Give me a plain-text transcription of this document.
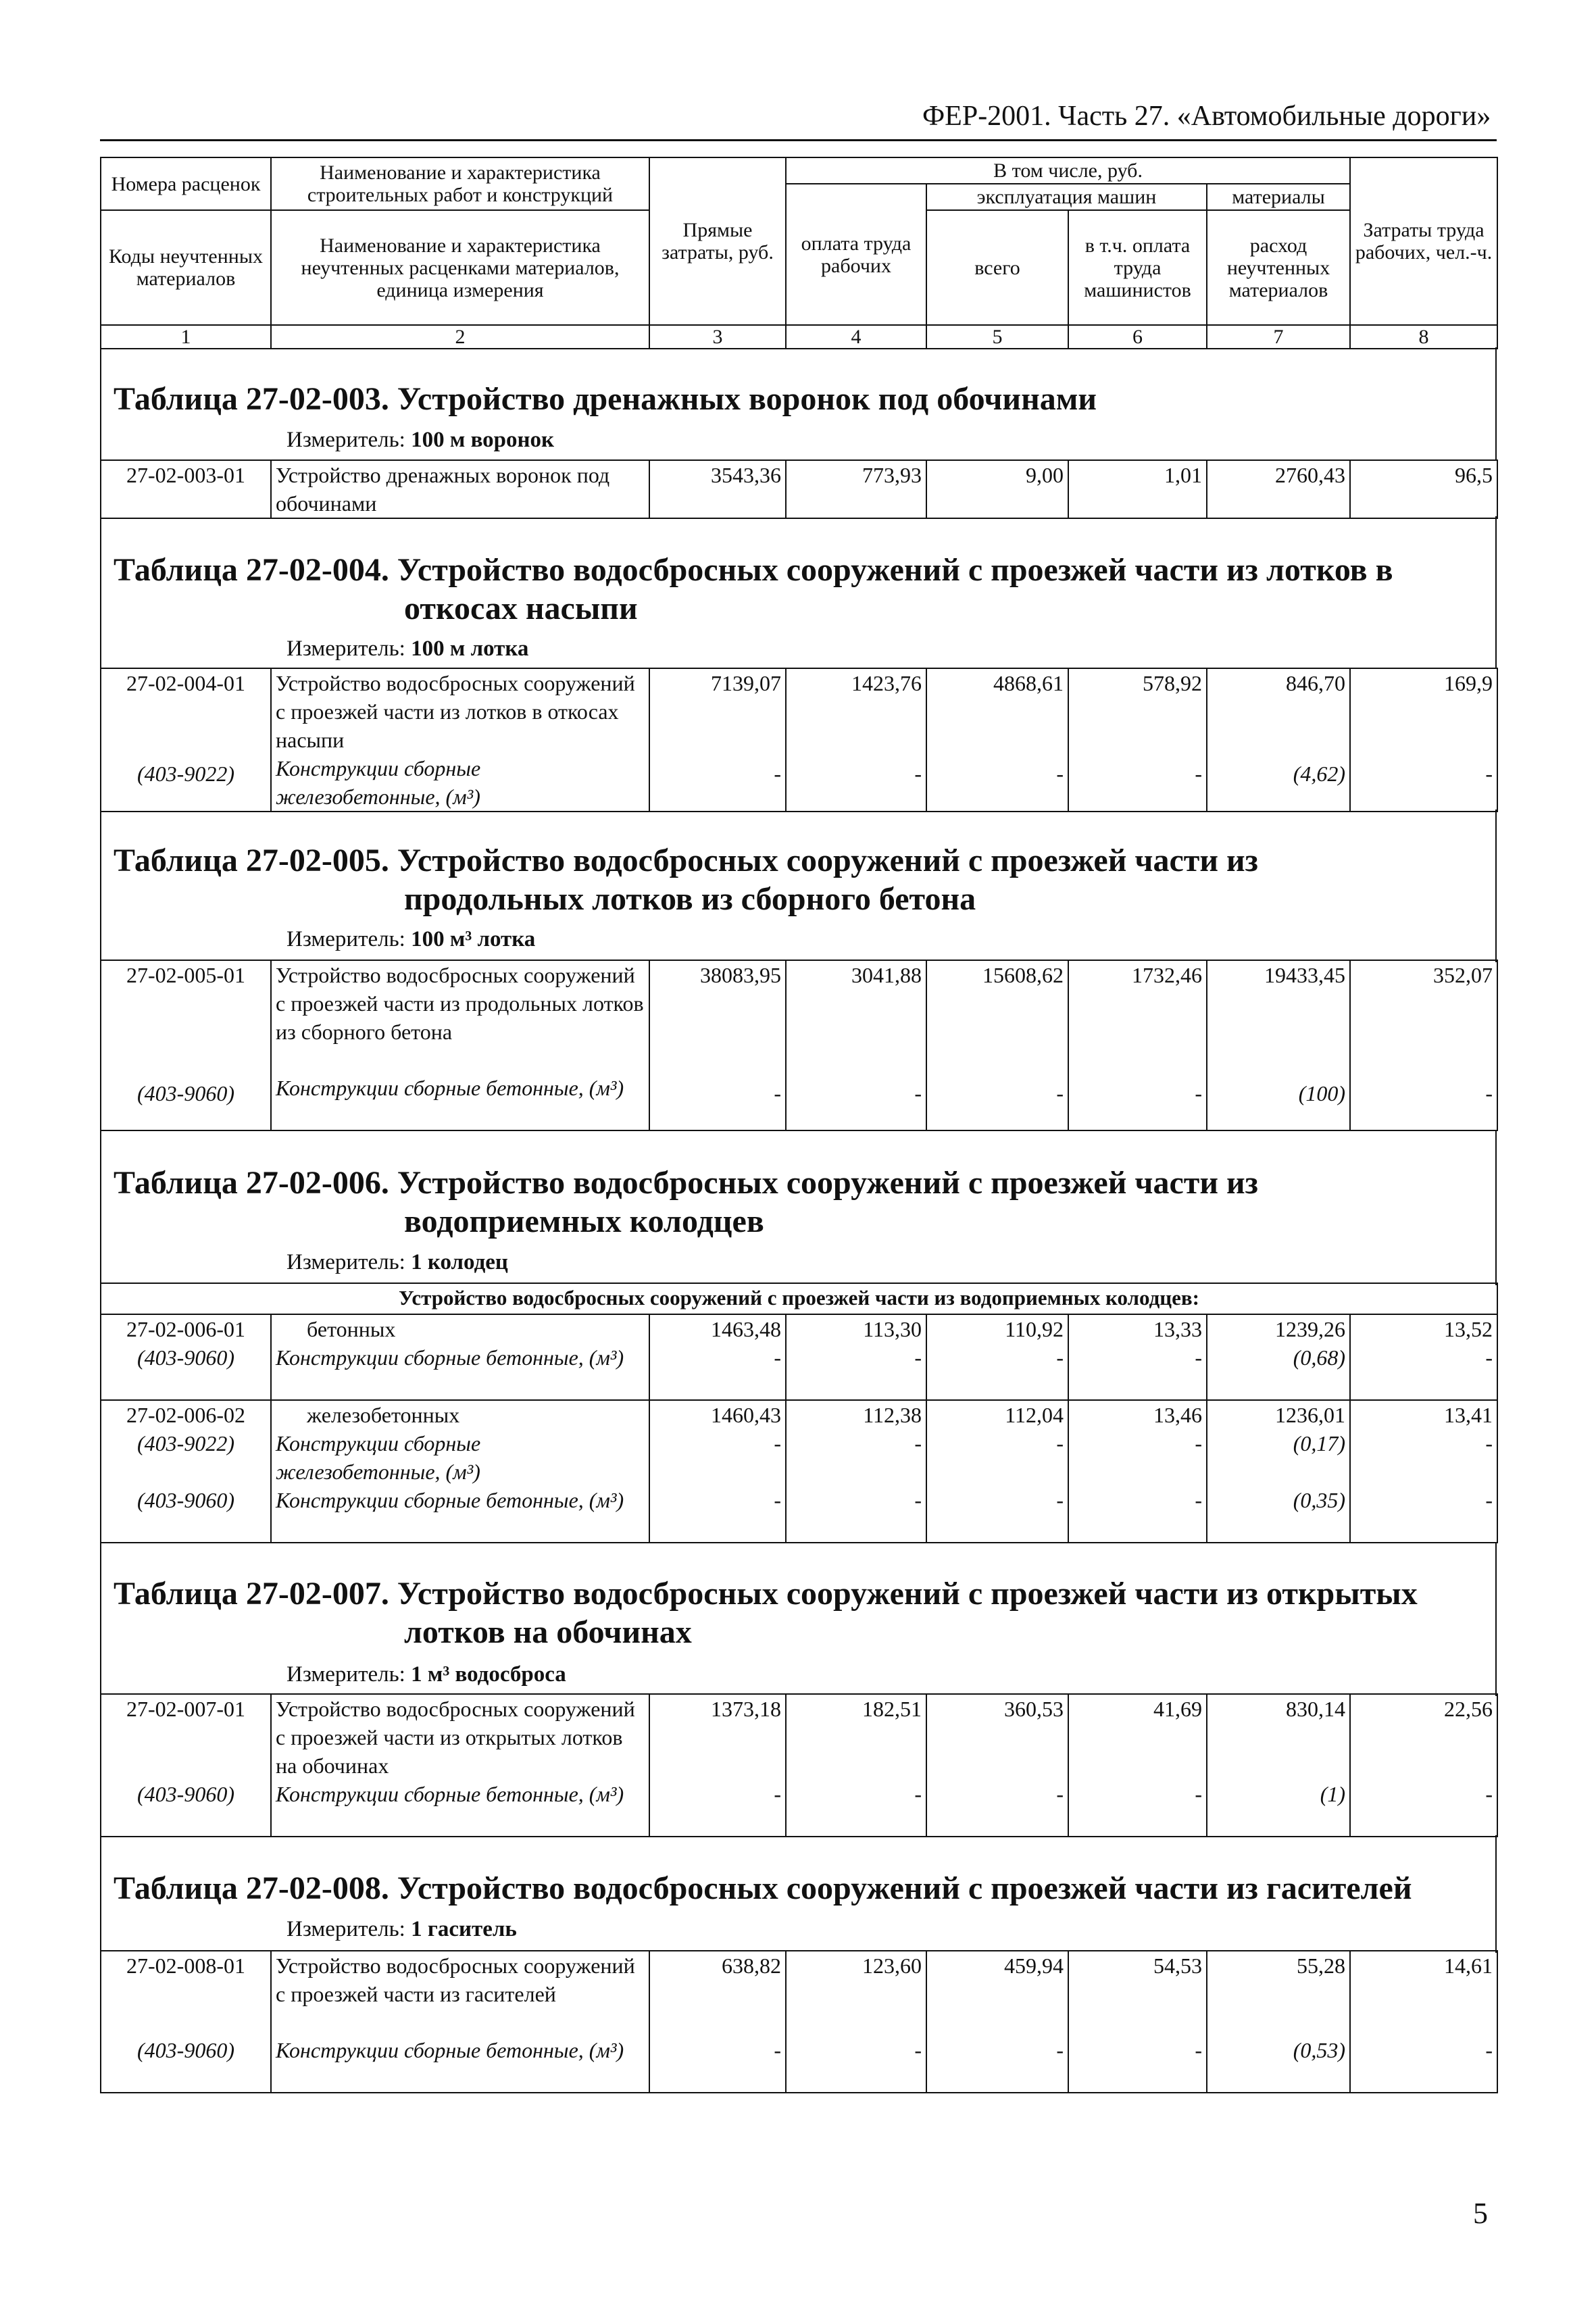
ФЕР-2001. Часть 27. «Автомобильные дороги»
Номера расценок	Наименование и характеристика строительных работ и конструкций	Прямые затраты, руб.	В том числе, руб.				Затраты труда рабочих, чел.-ч.
			оплата труда рабочих	эксплуатация машин		материалы	
Коды неучтенных материалов	Наименование и характеристика неучтенных расценками материалов, единица измерения			всего	в т.ч. оплата труда машинистов	расход неучтенных материалов	

1	2	3	4	5	6	7	8
Таблица 27-02-003. Устройство дренажных воронок под обочинами
Измеритель: 100 м воронок
27-02-003-01	Устройство дренажных воронок под обочинами	3543,36	773,93	9,00	1,01	2760,43	96,5
Таблица 27-02-004. Устройство водосбросных сооружений с проезжей части из лотков в
откосах насыпи
Измеритель: 100 м лотка
27-02-004-01	Устройство водосбросных сооружений с проезжей части из лотков в откосах насыпи	7139,07	1423,76	4868,61	578,92	846,70	169,9
(403-9022)	Конструкции сборные железобетонные, (м³)	-	-	-	-	(4,62)	-
Таблица 27-02-005. Устройство водосбросных сооружений с проезжей части из
продольных лотков из сборного бетона
Измеритель: 100 м³ лотка
27-02-005-01	Устройство водосбросных сооружений с проезжей части из продольных лотков из сборного бетона	38083,95	3041,88	15608,62	1732,46	19433,45	352,07
(403-9060)	Конструкции сборные бетонные, (м³)	-	-	-	-	(100)	-
Таблица 27-02-006. Устройство водосбросных сооружений с проезжей части из
водоприемных колодцев
Измеритель: 1 колодец
Устройство водосбросных сооружений с проезжей части из водоприемных колодцев:							
27-02-006-01	бетонных	1463,48	113,30	110,92	13,33	1239,26	13,52
(403-9060)	Конструкции сборные бетонные, (м³)	-	-	-	-	(0,68)	-
27-02-006-02	железобетонных	1460,43	112,38	112,04	13,46	1236,01	13,41
(403-9022)	Конструкции сборные железобетонные, (м³)	-	-	-	-	(0,17)	-
(403-9060)	Конструкции сборные бетонные, (м³)	-	-	-	-	(0,35)	-
Таблица 27-02-007. Устройство водосбросных сооружений с проезжей части из открытых
лотков на обочинах
Измеритель: 1 м³ водосброса
27-02-007-01	Устройство водосбросных сооружений с проезжей части из открытых лотков на обочинах	1373,18	182,51	360,53	41,69	830,14	22,56
(403-9060)	Конструкции сборные бетонные, (м³)	-	-	-	-	(1)	-
Таблица 27-02-008. Устройство водосбросных сооружений с проезжей части из гасителей
Измеритель: 1 гаситель
27-02-008-01	Устройство водосбросных сооружений с проезжей части из гасителей	638,82	123,60	459,94	54,53	55,28	14,61
(403-9060)	Конструкции сборные бетонные, (м³)	-	-	-	-	(0,53)	-
5
